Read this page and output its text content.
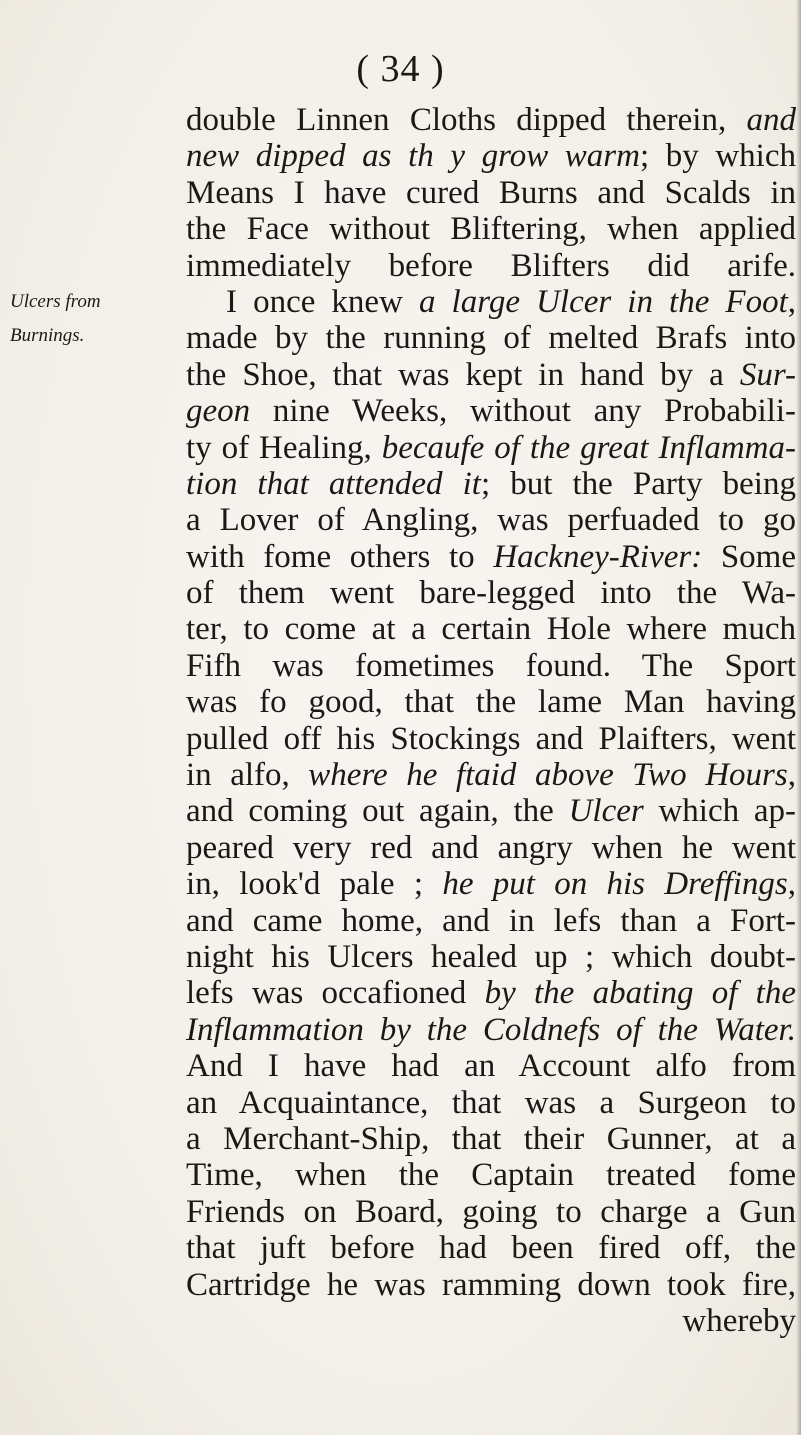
( 34 )
Ulcers from
Burnings.
double Linnen Cloths dipped therein, and
new dipped as th y grow warm; by which
Means I have cured Burns and Scalds in
the Face without Bliftering, when applied
immediately before Blifters did arife.
I once knew a large Ulcer in the Foot,
made by the running of melted Brafs into
the Shoe, that was kept in hand by a Sur-
geon nine Weeks, without any Probabili-
ty of Healing, becaufe of the great Inflamma-
tion that attended it; but the Party being
a Lover of Angling, was perfuaded to go
with fome others to Hackney-River: Some
of them went bare-legged into the Wa-
ter, to come at a certain Hole where much
Fifh was fometimes found. The Sport
was fo good, that the lame Man having
pulled off his Stockings and Plaifters, went
in alfo, where he ftaid above Two Hours,
and coming out again, the Ulcer which ap-
peared very red and angry when he went
in, look'd pale ; he put on his Dreffings,
and came home, and in lefs than a Fort-
night his Ulcers healed up ; which doubt-
lefs was occafioned by the abating of the
Inflammation by the Coldnefs of the Water.
And I have had an Account alfo from
an Acquaintance, that was a Surgeon to
a Merchant-Ship, that their Gunner, at a
Time, when the Captain treated fome
Friends on Board, going to charge a Gun
that juft before had been fired off, the
Cartridge he was ramming down took fire,
whereby
